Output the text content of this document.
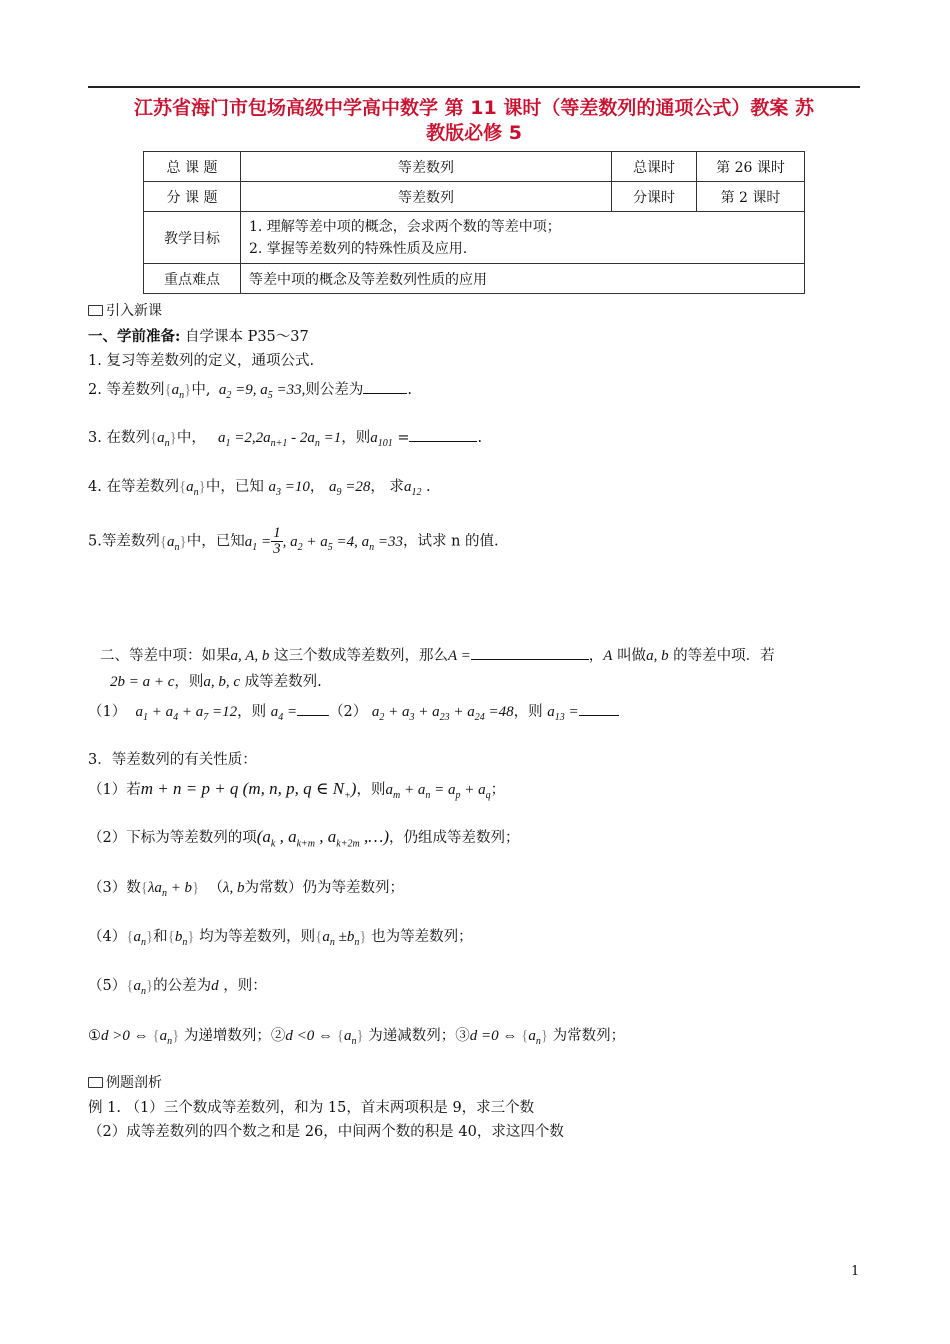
江苏省海门市包场高级中学高中数学 第 11 课时（等差数列的通项公式）教案 苏
教版必修 5
总 课 题	等差数列	总课时	第 26 课时
分 课 题	等差数列	分课时	第 2 课时
教学目标	1. 理解等差中项的概念，会求两个数的等差中项；
2. 掌握等差数列的特殊性质及应用.		

重点难点	等差中项的概念及等差数列性质的应用		
引入新课
一、学前准备: 自学课本 P35～37
1. 复习等差数列的定义，通项公式.
2. 等差数列$\{a_n\}$中,  $a_2 =9$, $a_5 =33$,则公差为	.
3. 在数列$\{a_n\}$中，   $a_1 =2,2a_{n+1} - 2a_n =1$，则$a_{101}$ =	.
4. 在等差数列$\{a_n\}$中，已知 $a_3 =10$， $a_9 =28$， 求$a_{12}$ .
5.等差数列$\{a_n\}$中，已知$a_1 = \frac{1}{3}$ , $a_2 + a_5 =4$, $a_n =33$，试求 n 的值.
二、等差中项：如果a, A, b 这三个数成等差数列，那么A =	，A 叫做a, b 的等差中项．若
2b = a + c，则a, b, c 成等差数列.
（1） $a_1 + a_4 + a_7 =12$，则 $a_4 = (2) a_2 + a_3 + a_{23} + a_{24} =48$，则 $a_{13}$ =
3．等差数列的有关性质：
（1）若m + n = p + q (m, n, p, q ∈ $N_+$)，则$a_m + a_n = a_p + a_q$；
（2）下标为等差数列的项($a_k$ , $a_{k+m}$ , $a_{k+2m}$ ,…)，仍组成等差数列；
（3）数$\{\lambda a_n + b\}$ （λ, b为常数）仍为等差数列；
$(4)\{a_n\}$和$\{b_n\}$ 均为等差数列，则$\{a_n \pm b_n\}$ 也为等差数列；
$(5)\{a_n\}$的公差为d ，则：
①d >0 ⇔ $\{a_n\}$ 为递增数列；②d <0 ⇔ $\{a_n\}$ 为递减数列；③d =0 ⇔ $\{a_n\}$ 为常数列；
例题剖析
例 1. （1）三个数成等差数列，和为 15，首末两项积是 9，求三个数
（2）成等差数列的四个数之和是 26，中间两个数的积是 40，求这四个数
1
